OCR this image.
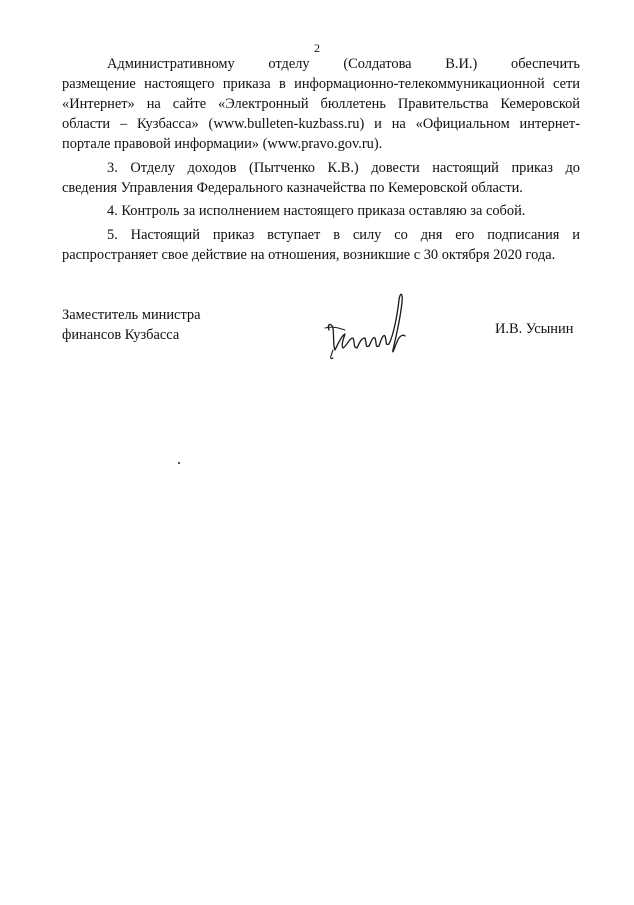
2
Административному отделу (Солдатова В.И.) обеспечить
размещение настоящего приказа в информационно-телекоммуникационной сети
«Интернет» на сайте «Электронный бюллетень Правительства Кемеровской
области – Кузбасса» (www.bulleten-kuzbass.ru) и на «Официальном интернет-
портале правовой информации» (www.pravo.gov.ru).
3. Отделу доходов (Пытченко К.В.) довести настоящий приказ до
сведения Управления Федерального казначейства по Кемеровской области.
4. Контроль за исполнением настоящего приказа оставляю за собой.
5. Настоящий приказ вступает в силу со дня его подписания и
распространяет свое действие на отношения, возникшие с 30 октября 2020 года.
Заместитель министра
финансов Кузбасса	И.В. Усынин
